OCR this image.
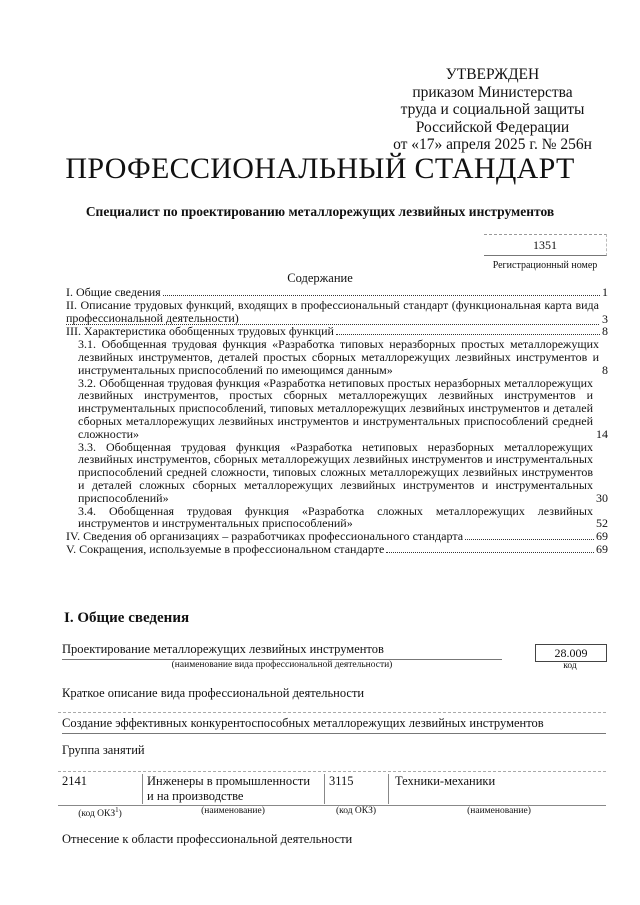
УТВЕРЖДЕН
приказом Министерства
труда и социальной защиты
Российской Федерации
от «17» апреля 2025 г. № 256н
ПРОФЕССИОНАЛЬНЫЙ СТАНДАРТ
Специалист по проектированию металлорежущих лезвийных инструментов
1351
Регистрационный номер
Содержание
I. Общие сведения	1
II. Описание трудовых функций, входящих в профессиональный стандарт (функциональная карта вида профессиональной деятельности)	3
III. Характеристика обобщенных трудовых функций	8
3.1. Обобщенная трудовая функция «Разработка типовых неразборных простых металлорежущих лезвийных инструментов, деталей простых сборных металлорежущих лезвийных инструментов и инструментальных приспособлений по имеющимся данным»	8
3.2. Обобщенная трудовая функция «Разработка нетиповых простых неразборных металлорежущих лезвийных инструментов, простых сборных металлорежущих лезвийных инструментов и инструментальных приспособлений, типовых металлорежущих лезвийных инструментов и деталей сборных металлорежущих лезвийных инструментов и инструментальных приспособлений средней сложности»	14
3.3. Обобщенная трудовая функция «Разработка нетиповых неразборных металлорежущих лезвийных инструментов, сборных металлорежущих лезвийных инструментов и инструментальных приспособлений средней сложности, типовых сложных металлорежущих лезвийных инструментов и деталей сложных сборных металлорежущих лезвийных инструментов и инструментальных приспособлений»	30
3.4. Обобщенная трудовая функция «Разработка сложных металлорежущих лезвийных инструментов и инструментальных приспособлений»	52
IV. Сведения об организациях – разработчиках профессионального стандарта	69
V. Сокращения, используемые в профессиональном стандарте	69
I. Общие сведения
Проектирование металлорежущих лезвийных инструментов
(наименование вида профессиональной деятельности)
28.009
код
Краткое описание вида профессиональной деятельности
Создание эффективных конкурентоспособных металлорежущих лезвийных инструментов
Группа занятий
2141	Инженеры в промышленности и на производстве
3115	Техники-механики
(код ОКЗ$^1$)	(наименование)	(код ОКЗ)	(наименование)
Отнесение к области профессиональной деятельности
